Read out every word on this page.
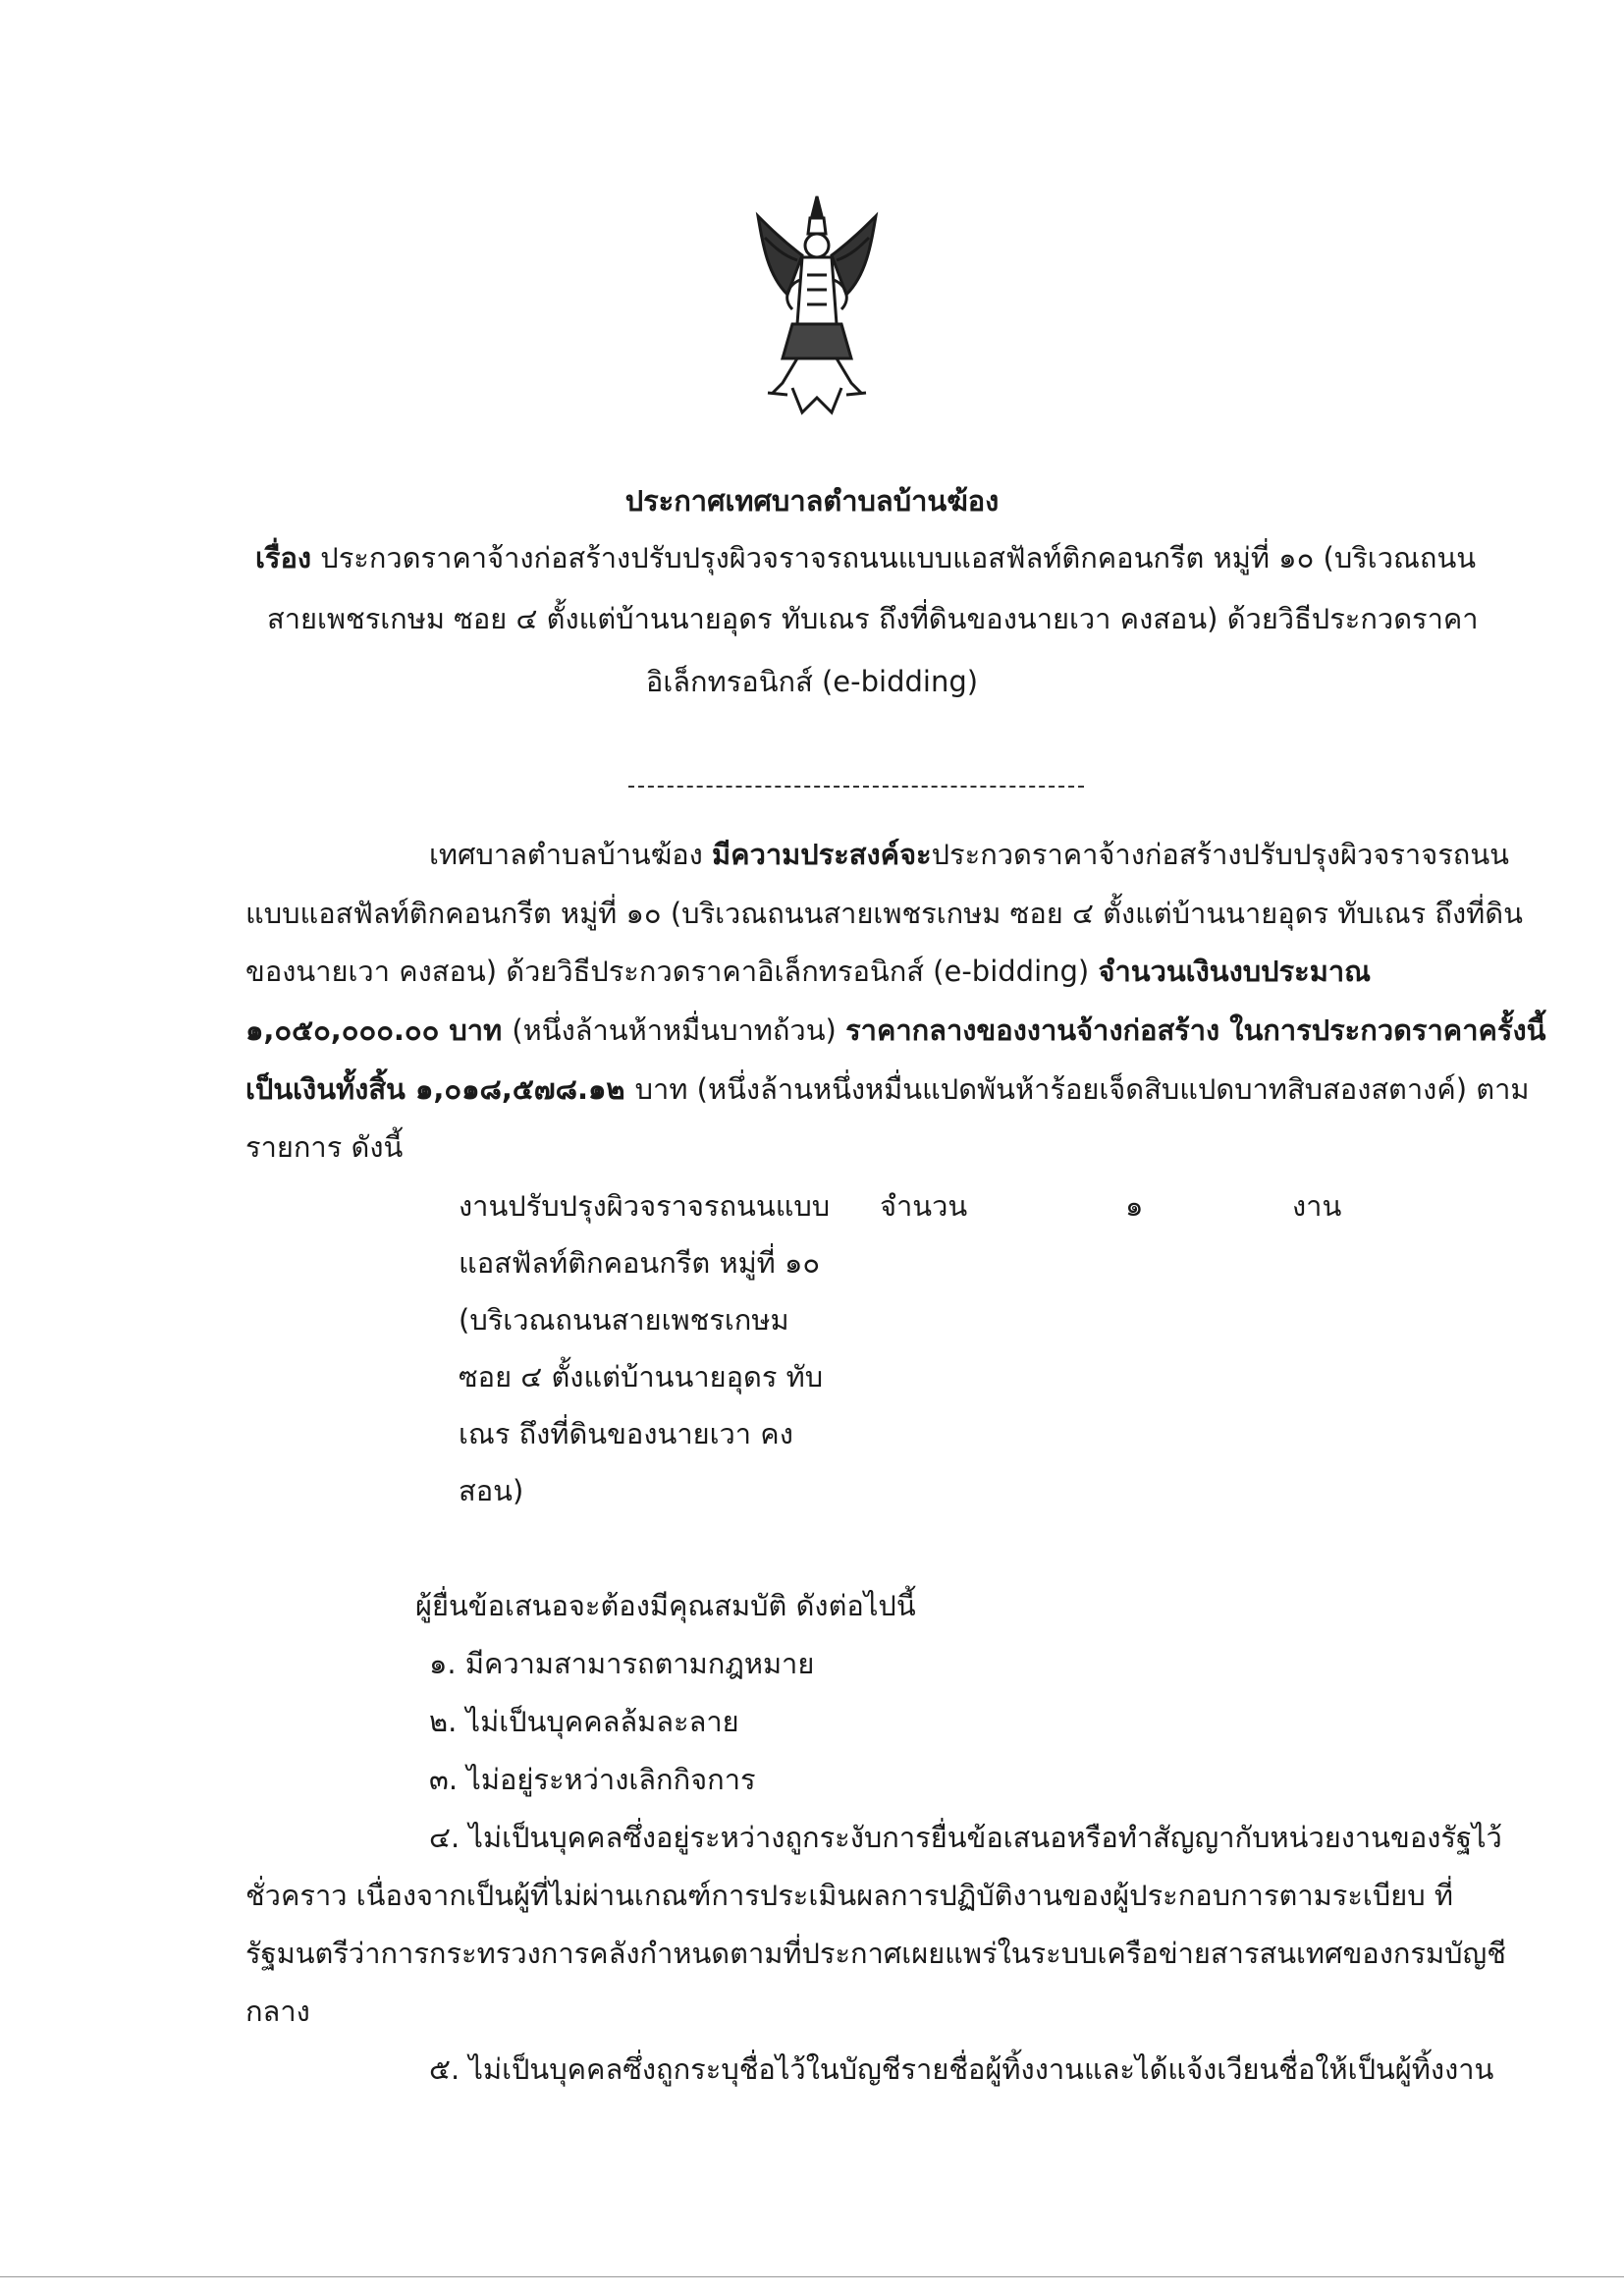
ประกาศเทศบาลตำบลบ้านฆ้อง
เรื่อง ประกวดราคาจ้างก่อสร้างปรับปรุงผิวจราจรถนนแบบแอสฟัลท์ติกคอนกรีต หมู่ที่ ๑๐ (บริเวณถนน
สายเพชรเกษม ซอย ๔ ตั้งแต่บ้านนายอุดร ทับเณร ถึงที่ดินของนายเวา คงสอน) ด้วยวิธีประกวดราคา
อิเล็กทรอนิกส์ (e-bidding)
เทศบาลตำบลบ้านฆ้อง มีความประสงค์จะประกวดราคาจ้างก่อสร้างปรับปรุงผิวจราจรถนน
แบบแอสฟัลท์ติกคอนกรีต หมู่ที่ ๑๐ (บริเวณถนนสายเพชรเกษม ซอย ๔ ตั้งแต่บ้านนายอุดร ทับเณร ถึงที่ดิน
ของนายเวา คงสอน) ด้วยวิธีประกวดราคาอิเล็กทรอนิกส์ (e-bidding) จำนวนเงินงบประมาณ
๑,๐๕๐,๐๐๐.๐๐ บาท (หนึ่งล้านห้าหมื่นบาทถ้วน) ราคากลางของงานจ้างก่อสร้าง ในการประกวดราคาครั้งนี้
เป็นเงินทั้งสิ้น ๑,๐๑๘,๕๗๘.๑๒ บาท (หนึ่งล้านหนึ่งหมื่นแปดพันห้าร้อยเจ็ดสิบแปดบาทสิบสองสตางค์) ตาม
รายการ ดังนี้
งานปรับปรุงผิวจราจรถนนแบบ
แอสฟัลท์ติกคอนกรีต หมู่ที่ ๑๐
(บริเวณถนนสายเพชรเกษม
ซอย ๔ ตั้งแต่บ้านนายอุดร ทับ
เณร ถึงที่ดินของนายเวา คง
สอน)
จำนวน	๑	งาน
ผู้ยื่นข้อเสนอจะต้องมีคุณสมบัติ ดังต่อไปนี้
๑. มีความสามารถตามกฎหมาย
๒. ไม่เป็นบุคคลล้มละลาย
๓. ไม่อยู่ระหว่างเลิกกิจการ
๔. ไม่เป็นบุคคลซึ่งอยู่ระหว่างถูกระงับการยื่นข้อเสนอหรือทำสัญญากับหน่วยงานของรัฐไว้
ชั่วคราว เนื่องจากเป็นผู้ที่ไม่ผ่านเกณฑ์การประเมินผลการปฏิบัติงานของผู้ประกอบการตามระเบียบ ที่
รัฐมนตรีว่าการกระทรวงการคลังกำหนดตามที่ประกาศเผยแพร่ในระบบเครือข่ายสารสนเทศของกรมบัญชี
กลาง
๕. ไม่เป็นบุคคลซึ่งถูกระบุชื่อไว้ในบัญชีรายชื่อผู้ทิ้งงานและได้แจ้งเวียนชื่อให้เป็นผู้ทิ้งงาน
